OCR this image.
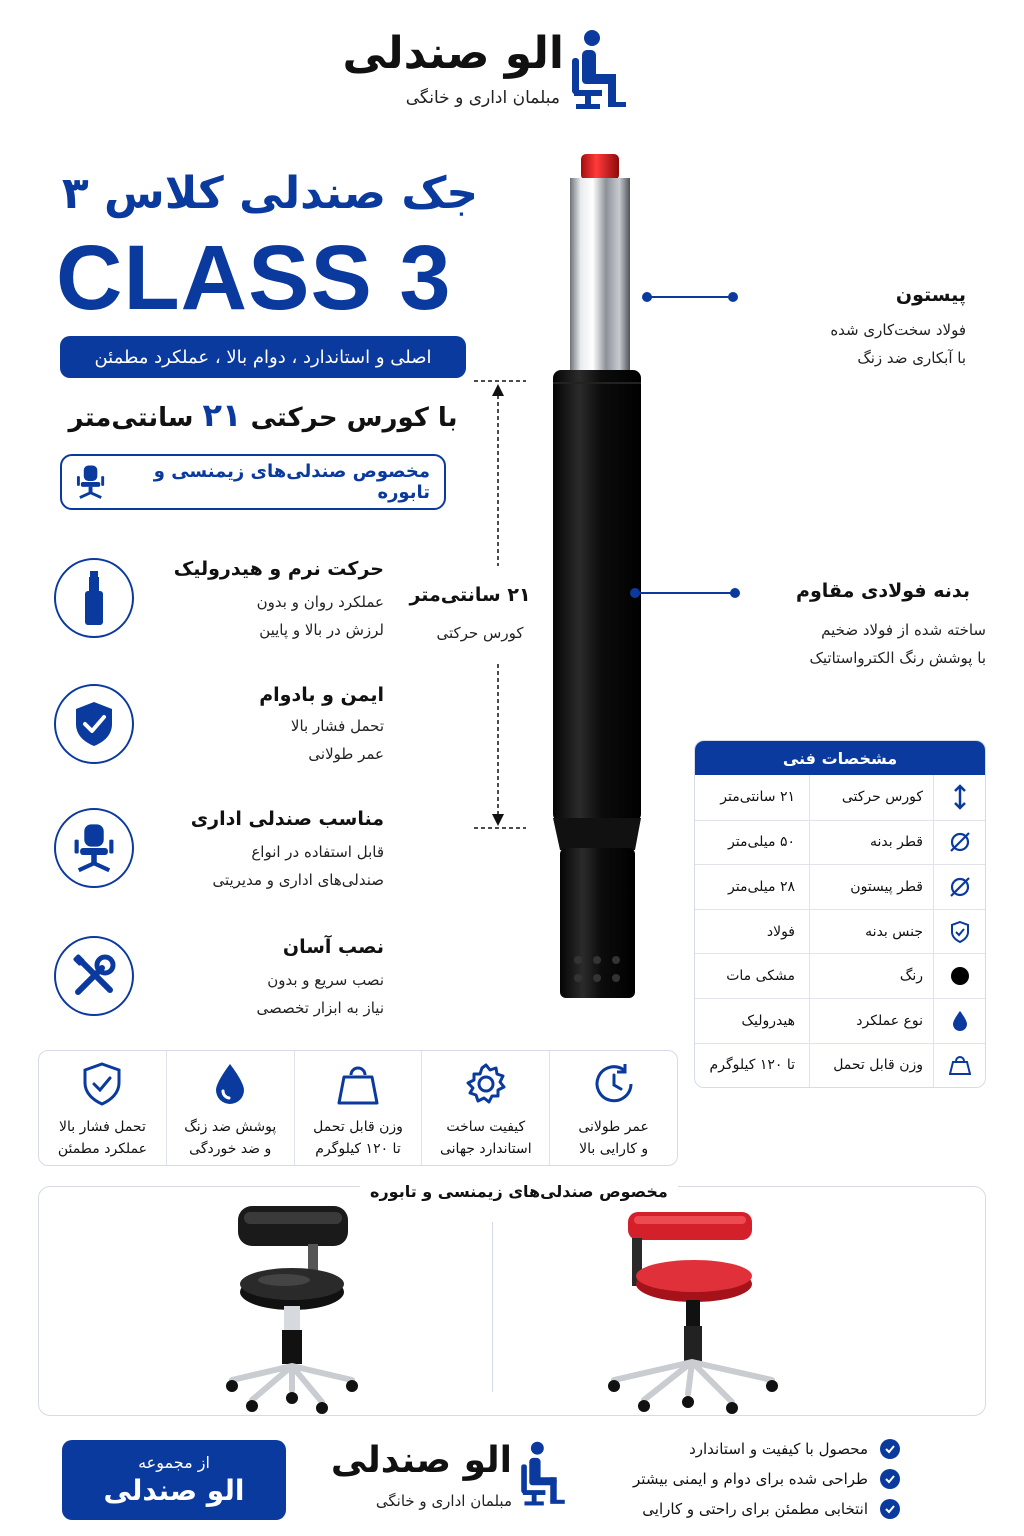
الو صندلی
مبلمان اداری و خانگی
جک صندلی کلاس ۳
CLASS 3
اصلی و استاندارد ، دوام بالا ، عملکرد مطمئن
با کورس حرکتی ۲۱ سانتی‌متر
مخصوص صندلی‌های زیمنسی و تابوره
حرکت نرم و هیدرولیک
عملکرد روان و بدون
لرزش در بالا و پایین
ایمن و بادوام
تحمل فشار بالا
عمر طولانی
مناسب صندلی اداری
قابل استفاده در انواع
صندلی‌های اداری و مدیریتی
نصب آسان
نصب سریع و بدون
نیاز به ابزار تخصصی
۲۱ سانتی‌متر
کورس حرکتی
پیستون
فولاد سخت‌کاری شده
با آبکاری ضد زنگ
بدنه فولادی مقاوم
ساخته شده از فولاد ضخیم
با پوشش رنگ الکترواستاتیک
مشخصات فنی
کورس حرکتی
۲۱ سانتی‌متر
قطر بدنه
۵۰ میلی‌متر
قطر پیستون
۲۸ میلی‌متر
جنس بدنه
فولاد
رنگ
مشکی مات
نوع عملکرد
هیدرولیک
وزن قابل تحمل
تا ۱۲۰ کیلوگرم
عمر طولانی
و کارایی بالا
کیفیت ساخت
استاندارد جهانی
وزن قابل تحمل
تا ۱۲۰ کیلوگرم
پوشش ضد زنگ
و ضد خوردگی
تحمل فشار بالا
عملکرد مطمئن
مخصوص صندلی‌های زیمنسی و تابوره
از مجموعه
الو صندلی
الو صندلی
مبلمان اداری و خانگی
محصول با کیفیت و استاندارد
طراحی شده برای دوام و ایمنی بیشتر
انتخابی مطمئن برای راحتی و کارایی
